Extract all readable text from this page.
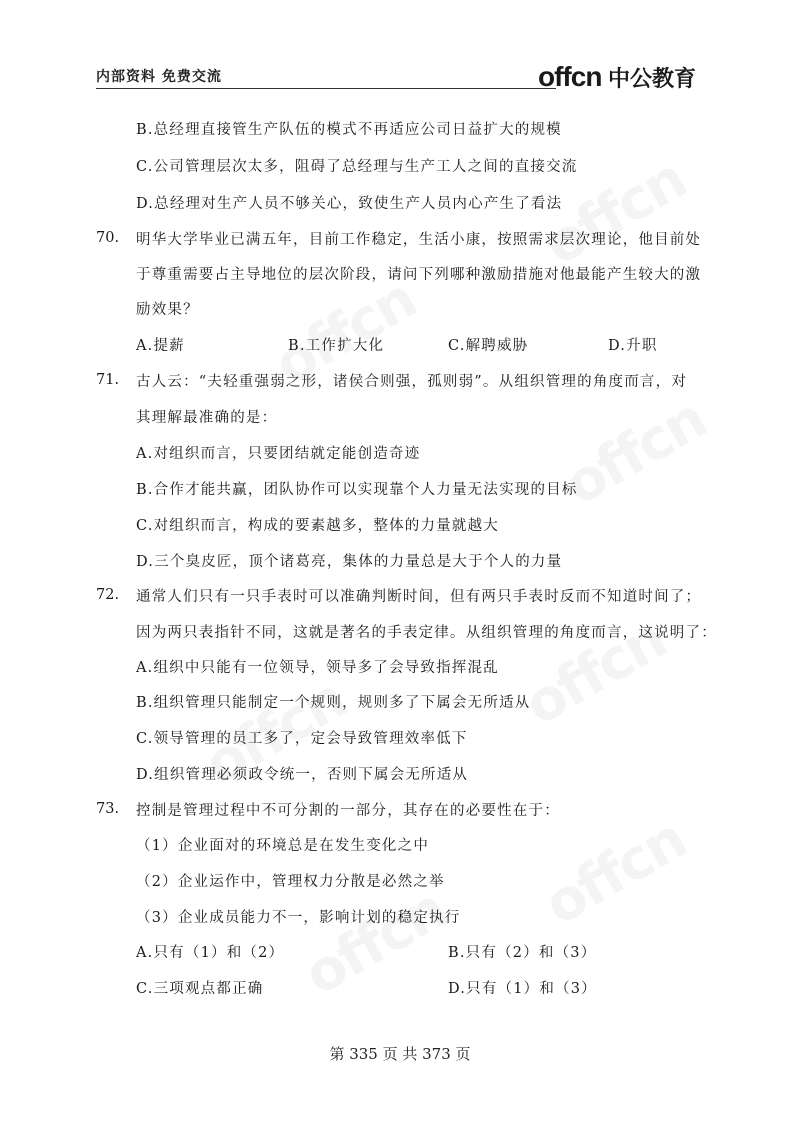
内部资料 免费交流	offcn 中公教育
B.总经理直接管生产队伍的模式不再适应公司日益扩大的规模
C.公司管理层次太多，阻碍了总经理与生产工人之间的直接交流
D.总经理对生产人员不够关心，致使生产人员内心产生了看法
70. 明华大学毕业已满五年，目前工作稳定，生活小康，按照需求层次理论，他目前处
于尊重需要占主导地位的层次阶段，请问下列哪种激励措施对他最能产生较大的激
励效果？
A.提薪	B.工作扩大化	C.解聘威胁	D.升职
71. 古人云：“夫轻重强弱之形，诸侯合则强，孤则弱”。从组织管理的角度而言，对
其理解最准确的是：
A.对组织而言，只要团结就定能创造奇迹
B.合作才能共赢，团队协作可以实现靠个人力量无法实现的目标
C.对组织而言，构成的要素越多，整体的力量就越大
D.三个臭皮匠，顶个诸葛亮，集体的力量总是大于个人的力量
72. 通常人们只有一只手表时可以准确判断时间，但有两只手表时反而不知道时间了；
因为两只表指针不同，这就是著名的手表定律。从组织管理的角度而言，这说明了：
A.组织中只能有一位领导，领导多了会导致指挥混乱
B.组织管理只能制定一个规则，规则多了下属会无所适从
C.领导管理的员工多了，定会导致管理效率低下
D.组织管理必须政令统一，否则下属会无所适从
73. 控制是管理过程中不可分割的一部分，其存在的必要性在于：
（1）企业面对的环境总是在发生变化之中
（2）企业运作中，管理权力分散是必然之举
（3）企业成员能力不一，影响计划的稳定执行
A.只有（1）和（2）	B.只有（2）和（3）
C.三项观点都正确	D.只有（1）和（3）
第 335 页 共 373 页
